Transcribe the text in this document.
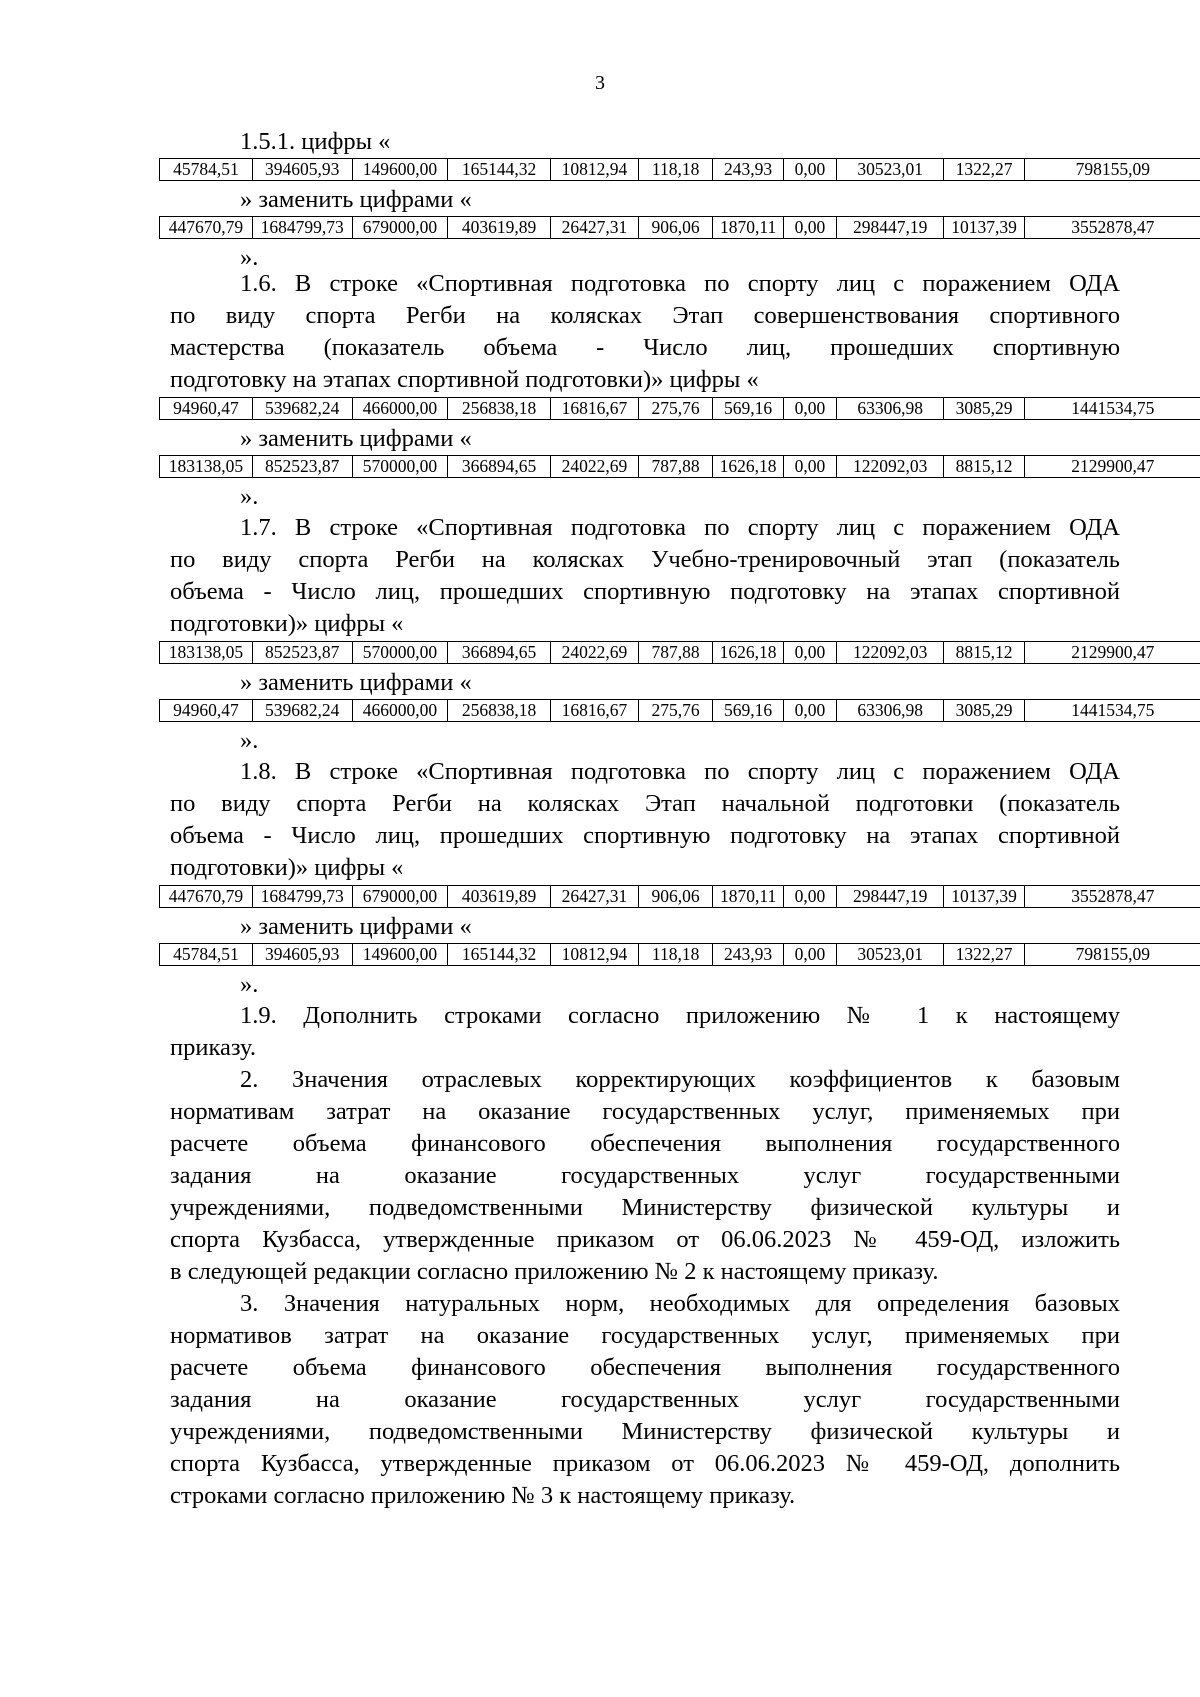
3
1.5.1. цифры «
45784,51	394605,93	149600,00	165144,32	10812,94	118,18	243,93	0,00	30523,01	1322,27	798155,09
» заменить цифрами «
447670,79	1684799,73	679000,00	403619,89	26427,31	906,06	1870,11	0,00	298447,19	10137,39	3552878,47
».
1.6. В строке «Спортивная подготовка по спорту лиц с поражением ОДА
по виду спорта Регби на колясках Этап совершенствования спортивного
мастерства (показатель объема - Число лиц, прошедших спортивную
подготовку на этапах спортивной подготовки)» цифры «
94960,47	539682,24	466000,00	256838,18	16816,67	275,76	569,16	0,00	63306,98	3085,29	1441534,75
» заменить цифрами «
183138,05	852523,87	570000,00	366894,65	24022,69	787,88	1626,18	0,00	122092,03	8815,12	2129900,47
».
1.7. В строке «Спортивная подготовка по спорту лиц с поражением ОДА
по виду спорта Регби на колясках Учебно-тренировочный этап (показатель
объема - Число лиц, прошедших спортивную подготовку на этапах спортивной
подготовки)» цифры «
183138,05	852523,87	570000,00	366894,65	24022,69	787,88	1626,18	0,00	122092,03	8815,12	2129900,47
» заменить цифрами «
94960,47	539682,24	466000,00	256838,18	16816,67	275,76	569,16	0,00	63306,98	3085,29	1441534,75
».
1.8. В строке «Спортивная подготовка по спорту лиц с поражением ОДА
по виду спорта Регби на колясках Этап начальной подготовки (показатель
объема - Число лиц, прошедших спортивную подготовку на этапах спортивной
подготовки)» цифры «
447670,79	1684799,73	679000,00	403619,89	26427,31	906,06	1870,11	0,00	298447,19	10137,39	3552878,47
» заменить цифрами «
45784,51	394605,93	149600,00	165144,32	10812,94	118,18	243,93	0,00	30523,01	1322,27	798155,09
».
1.9. Дополнить строками согласно приложению № 1 к настоящему
приказу.
2. Значения отраслевых корректирующих коэффициентов к базовым
нормативам затрат на оказание государственных услуг, применяемых при
расчете объема финансового обеспечения выполнения государственного
задания на оказание государственных услуг государственными
учреждениями, подведомственными Министерству физической культуры и
спорта Кузбасса, утвержденные приказом от 06.06.2023 № 459-ОД, изложить
в следующей редакции согласно приложению № 2 к настоящему приказу.
3. Значения натуральных норм, необходимых для определения базовых
нормативов затрат на оказание государственных услуг, применяемых при
расчете объема финансового обеспечения выполнения государственного
задания на оказание государственных услуг государственными
учреждениями, подведомственными Министерству физической культуры и
спорта Кузбасса, утвержденные приказом от 06.06.2023 № 459-ОД, дополнить
строками согласно приложению № 3 к настоящему приказу.
